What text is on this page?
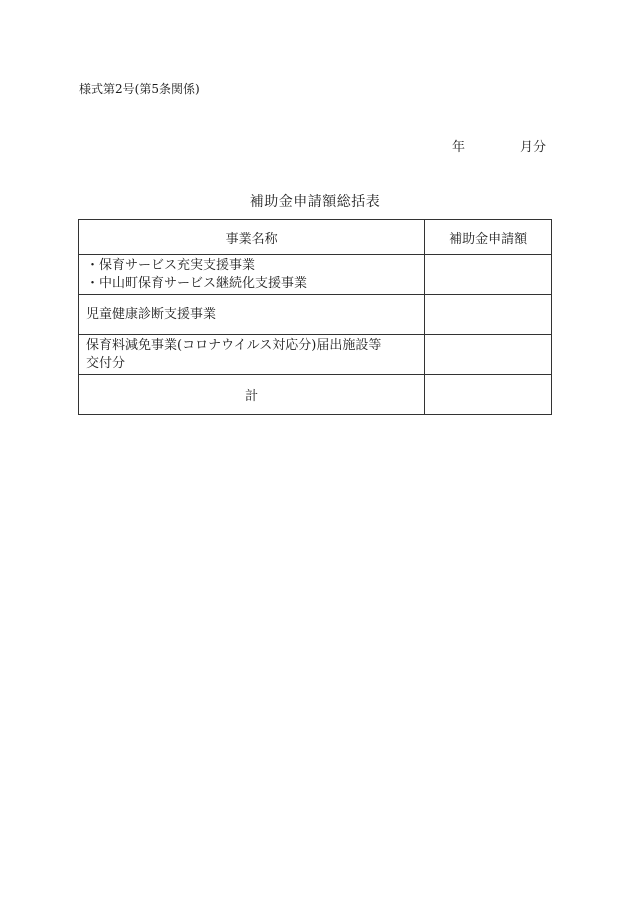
様式第2号(第5条関係)
年	月分
補助金申請額総括表
事業名称	補助金申請額

・保育サービス充実支援事業
・中山町保育サービス継続化支援事業	

児童健康診断支援事業	

保育料減免事業(コロナウイルス対応分)届出施設等
交付分	

計	
